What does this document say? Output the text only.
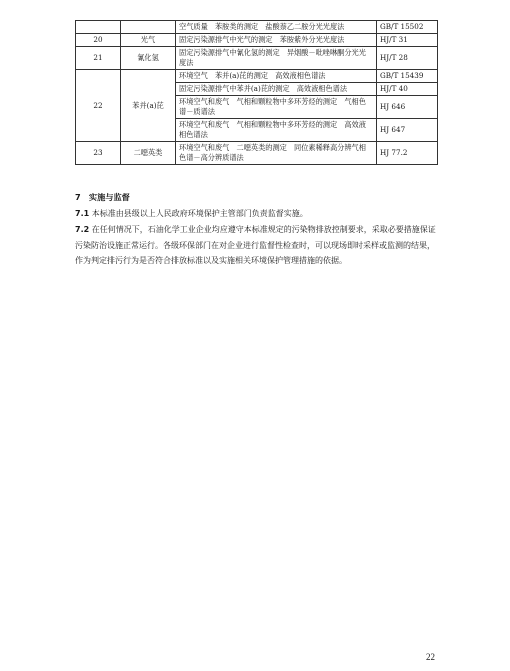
		空气质量　苯胺类的测定　盐酸萘乙二胺分光光度法	GB/T 15502
20	光气	固定污染源排气中光气的测定　苯胺紫外分光光度法	HJ/T 31
21	氰化氢	固定污染源排气中氰化氢的测定　异烟酸－吡唑啉酮分光光度法	HJ/T 28
22	苯并(a)芘	环境空气　苯并(a)芘的测定　高效液相色谱法	GB/T 15439
		固定污染源排气中苯并(a)芘的测定　高效液相色谱法	HJ/T 40
		环境空气和废气　气相和颗粒物中多环芳烃的测定　气相色谱－质谱法	HJ 646
		环境空气和废气　气相和颗粒物中多环芳烃的测定　高效液相色谱法	HJ 647
23	二噁英类	环境空气和废气　二噁英类的测定　同位素稀释高分辨气相色谱－高分辨质谱法	HJ 77.2
7　实施与监督

7.1 本标准由县级以上人民政府环境保护主管部门负责监督实施。

7.2 在任何情况下，石油化学工业企业均应遵守本标准规定的污染物排放控制要求，采取必要措施保证污染防治设施正常运行。各级环保部门在对企业进行监督性检查时，可以现场即时采样或监测的结果，作为判定排污行为是否符合排放标准以及实施相关环境保护管理措施的依据。

22
